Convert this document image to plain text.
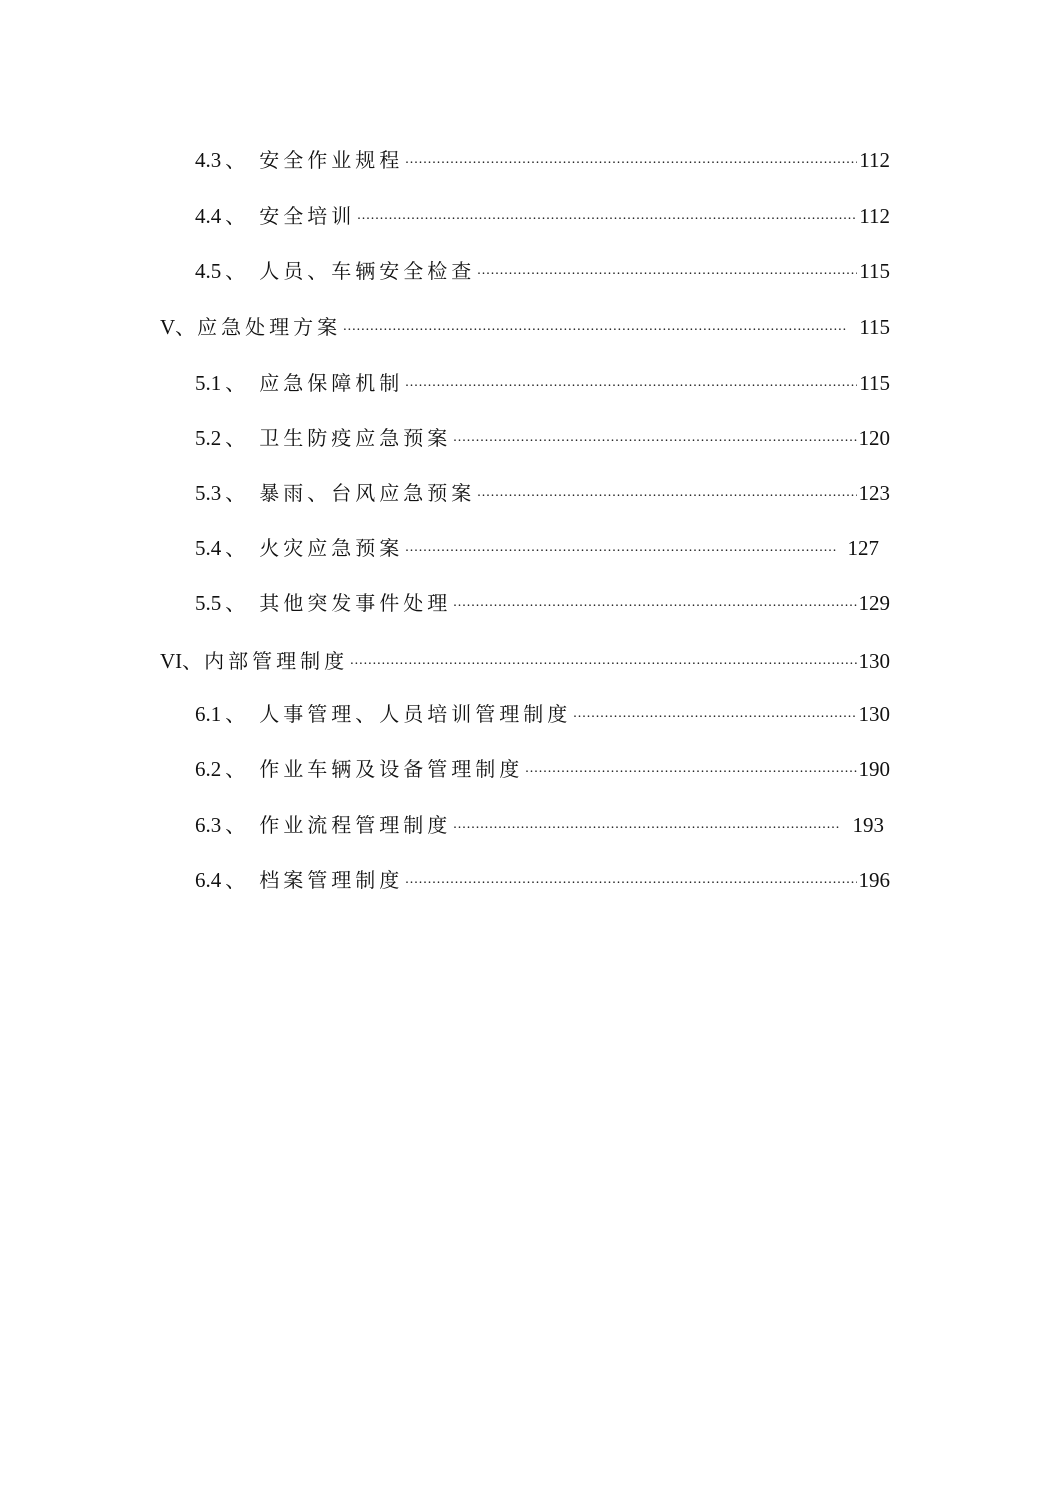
4.3 、 安全作业规程 .....	112
4.4 、 安全培训 .....	112
4.5 、 人员、车辆安全检查 .....	115
V 、 应急处理方案 .....	115
5.1 、 应急保障机制 .....	115
5.2 、 卫生防疫应急预案 .....	120
5.3 、 暴雨、台风应急预案 .....	123
5.4 、 火灾应急预案 .....	127
5.5 、 其他突发事件处理 .....	129
VI 、 内部管理制度 .....	130
6.1 、 人事管理、人员培训管理制度 .....	130
6.2 、 作业车辆及设备管理制度 .....	190
6.3 、 作业流程管理制度 .....	193
6.4 、 档案管理制度 .....	196
